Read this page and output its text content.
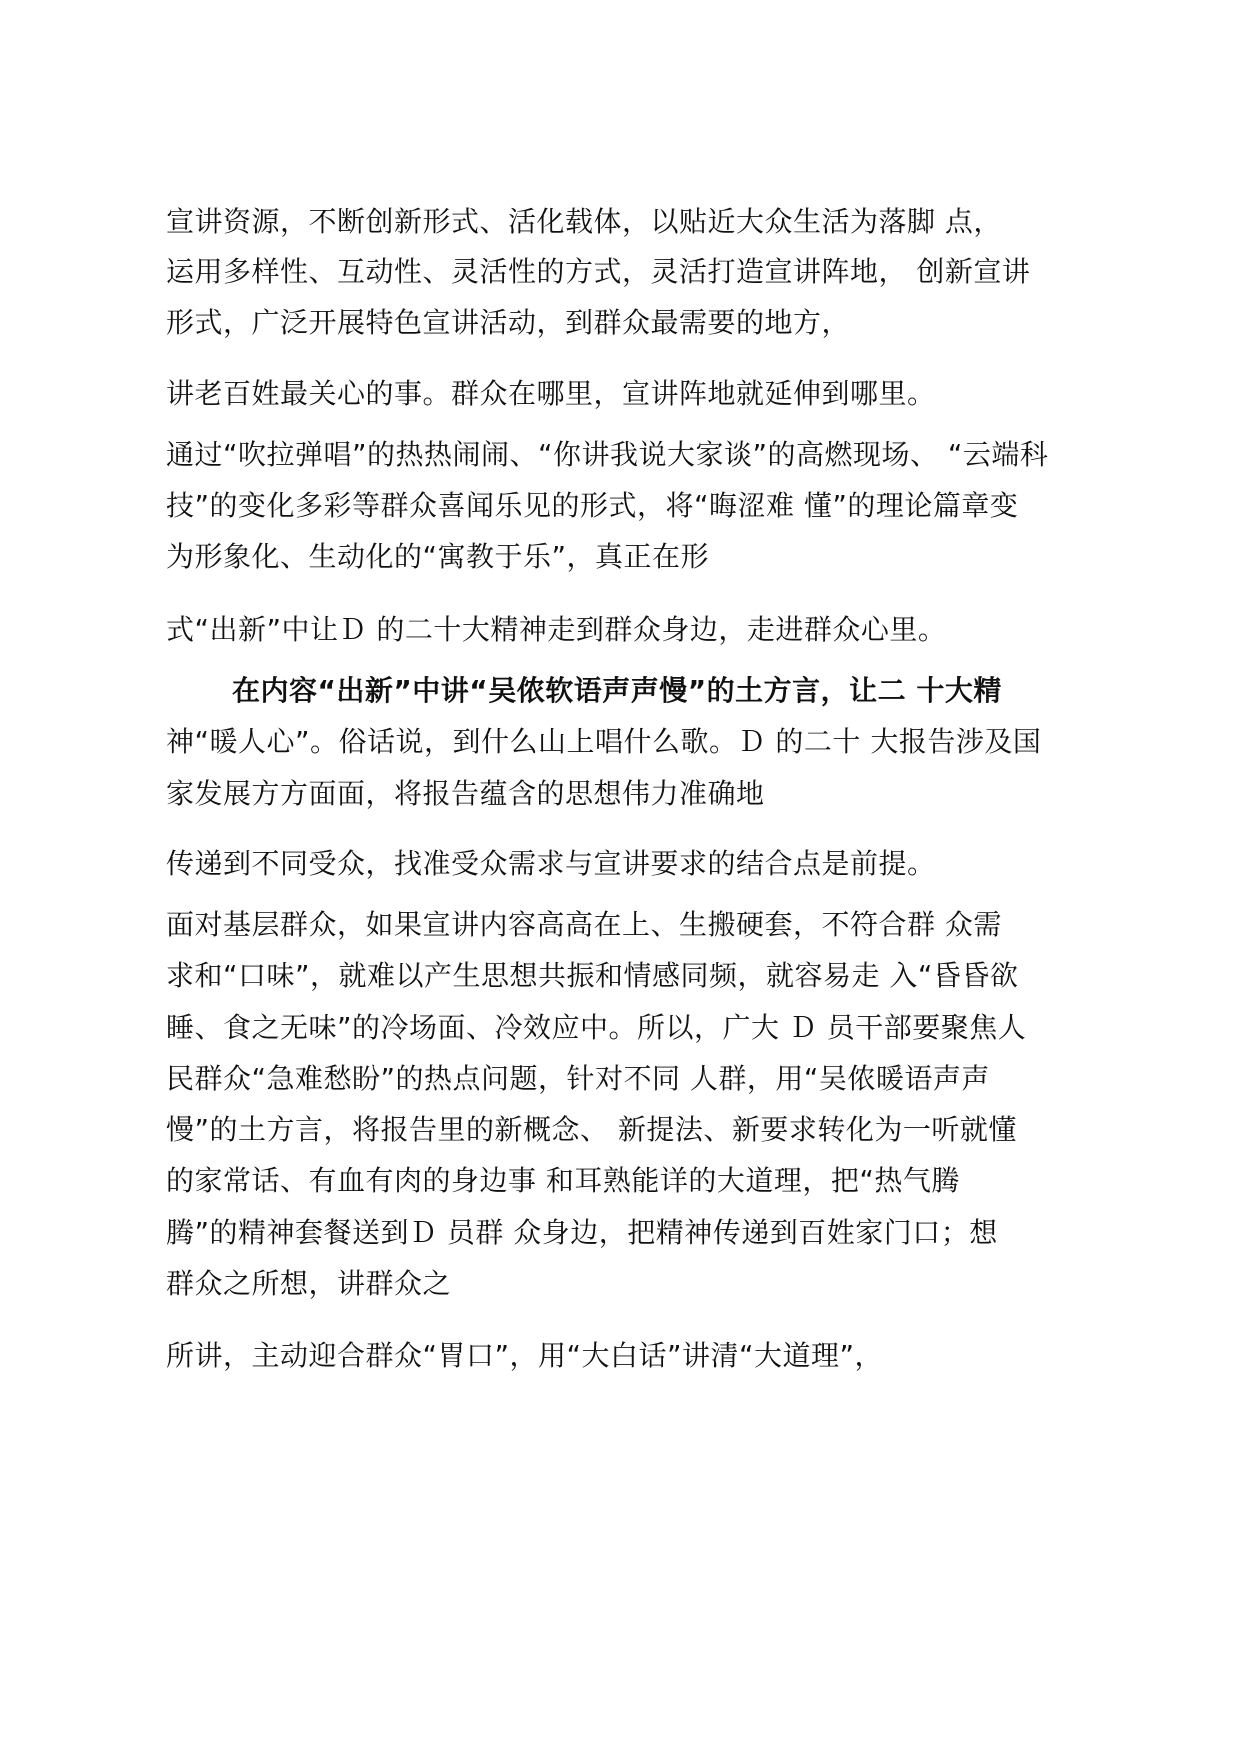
宣讲资源，不断创新形式、活化载体，以贴近大众生活为落脚 点，
运用多样性、互动性、灵活性的方式，灵活打造宣讲阵地， 创新宣讲
形式，广泛开展特色宣讲活动，到群众最需要的地方，
讲老百姓最关心的事。群众在哪里，宣讲阵地就延伸到哪里。
通过“吹拉弹唱”的热热闹闹、“你讲我说大家谈”的高燃现场、 “云端科
技”的变化多彩等群众喜闻乐见的形式，将“晦涩难 懂”的理论篇章变
为形象化、生动化的“寓教于乐”，真正在形
式“出新”中让Ｄ 的二十大精神走到群众身边，走进群众心里。
在内容“出新”中讲“吴侬软语声声慢”的土方言，让二 十大精
神“暖人心”。俗话说，到什么山上唱什么歌。Ｄ 的二十 大报告涉及国
家发展方方面面，将报告蕴含的思想伟力准确地
传递到不同受众，找准受众需求与宣讲要求的结合点是前提。
面对基层群众，如果宣讲内容高高在上、生搬硬套，不符合群 众需
求和“口味”，就难以产生思想共振和情感同频，就容易走 入“昏昏欲
睡、食之无味”的冷场面、冷效应中。所以，广大 Ｄ 员干部要聚焦人
民群众“急难愁盼”的热点问题，针对不同 人群，用“吴侬暖语声声
慢”的土方言，将报告里的新概念、 新提法、新要求转化为一听就懂
的家常话、有血有肉的身边事 和耳熟能详的大道理，把“热气腾
腾”的精神套餐送到Ｄ 员群 众身边，把精神传递到百姓家门口；想
群众之所想，讲群众之
所讲，主动迎合群众“胃口”，用“大白话”讲清“大道理”，
